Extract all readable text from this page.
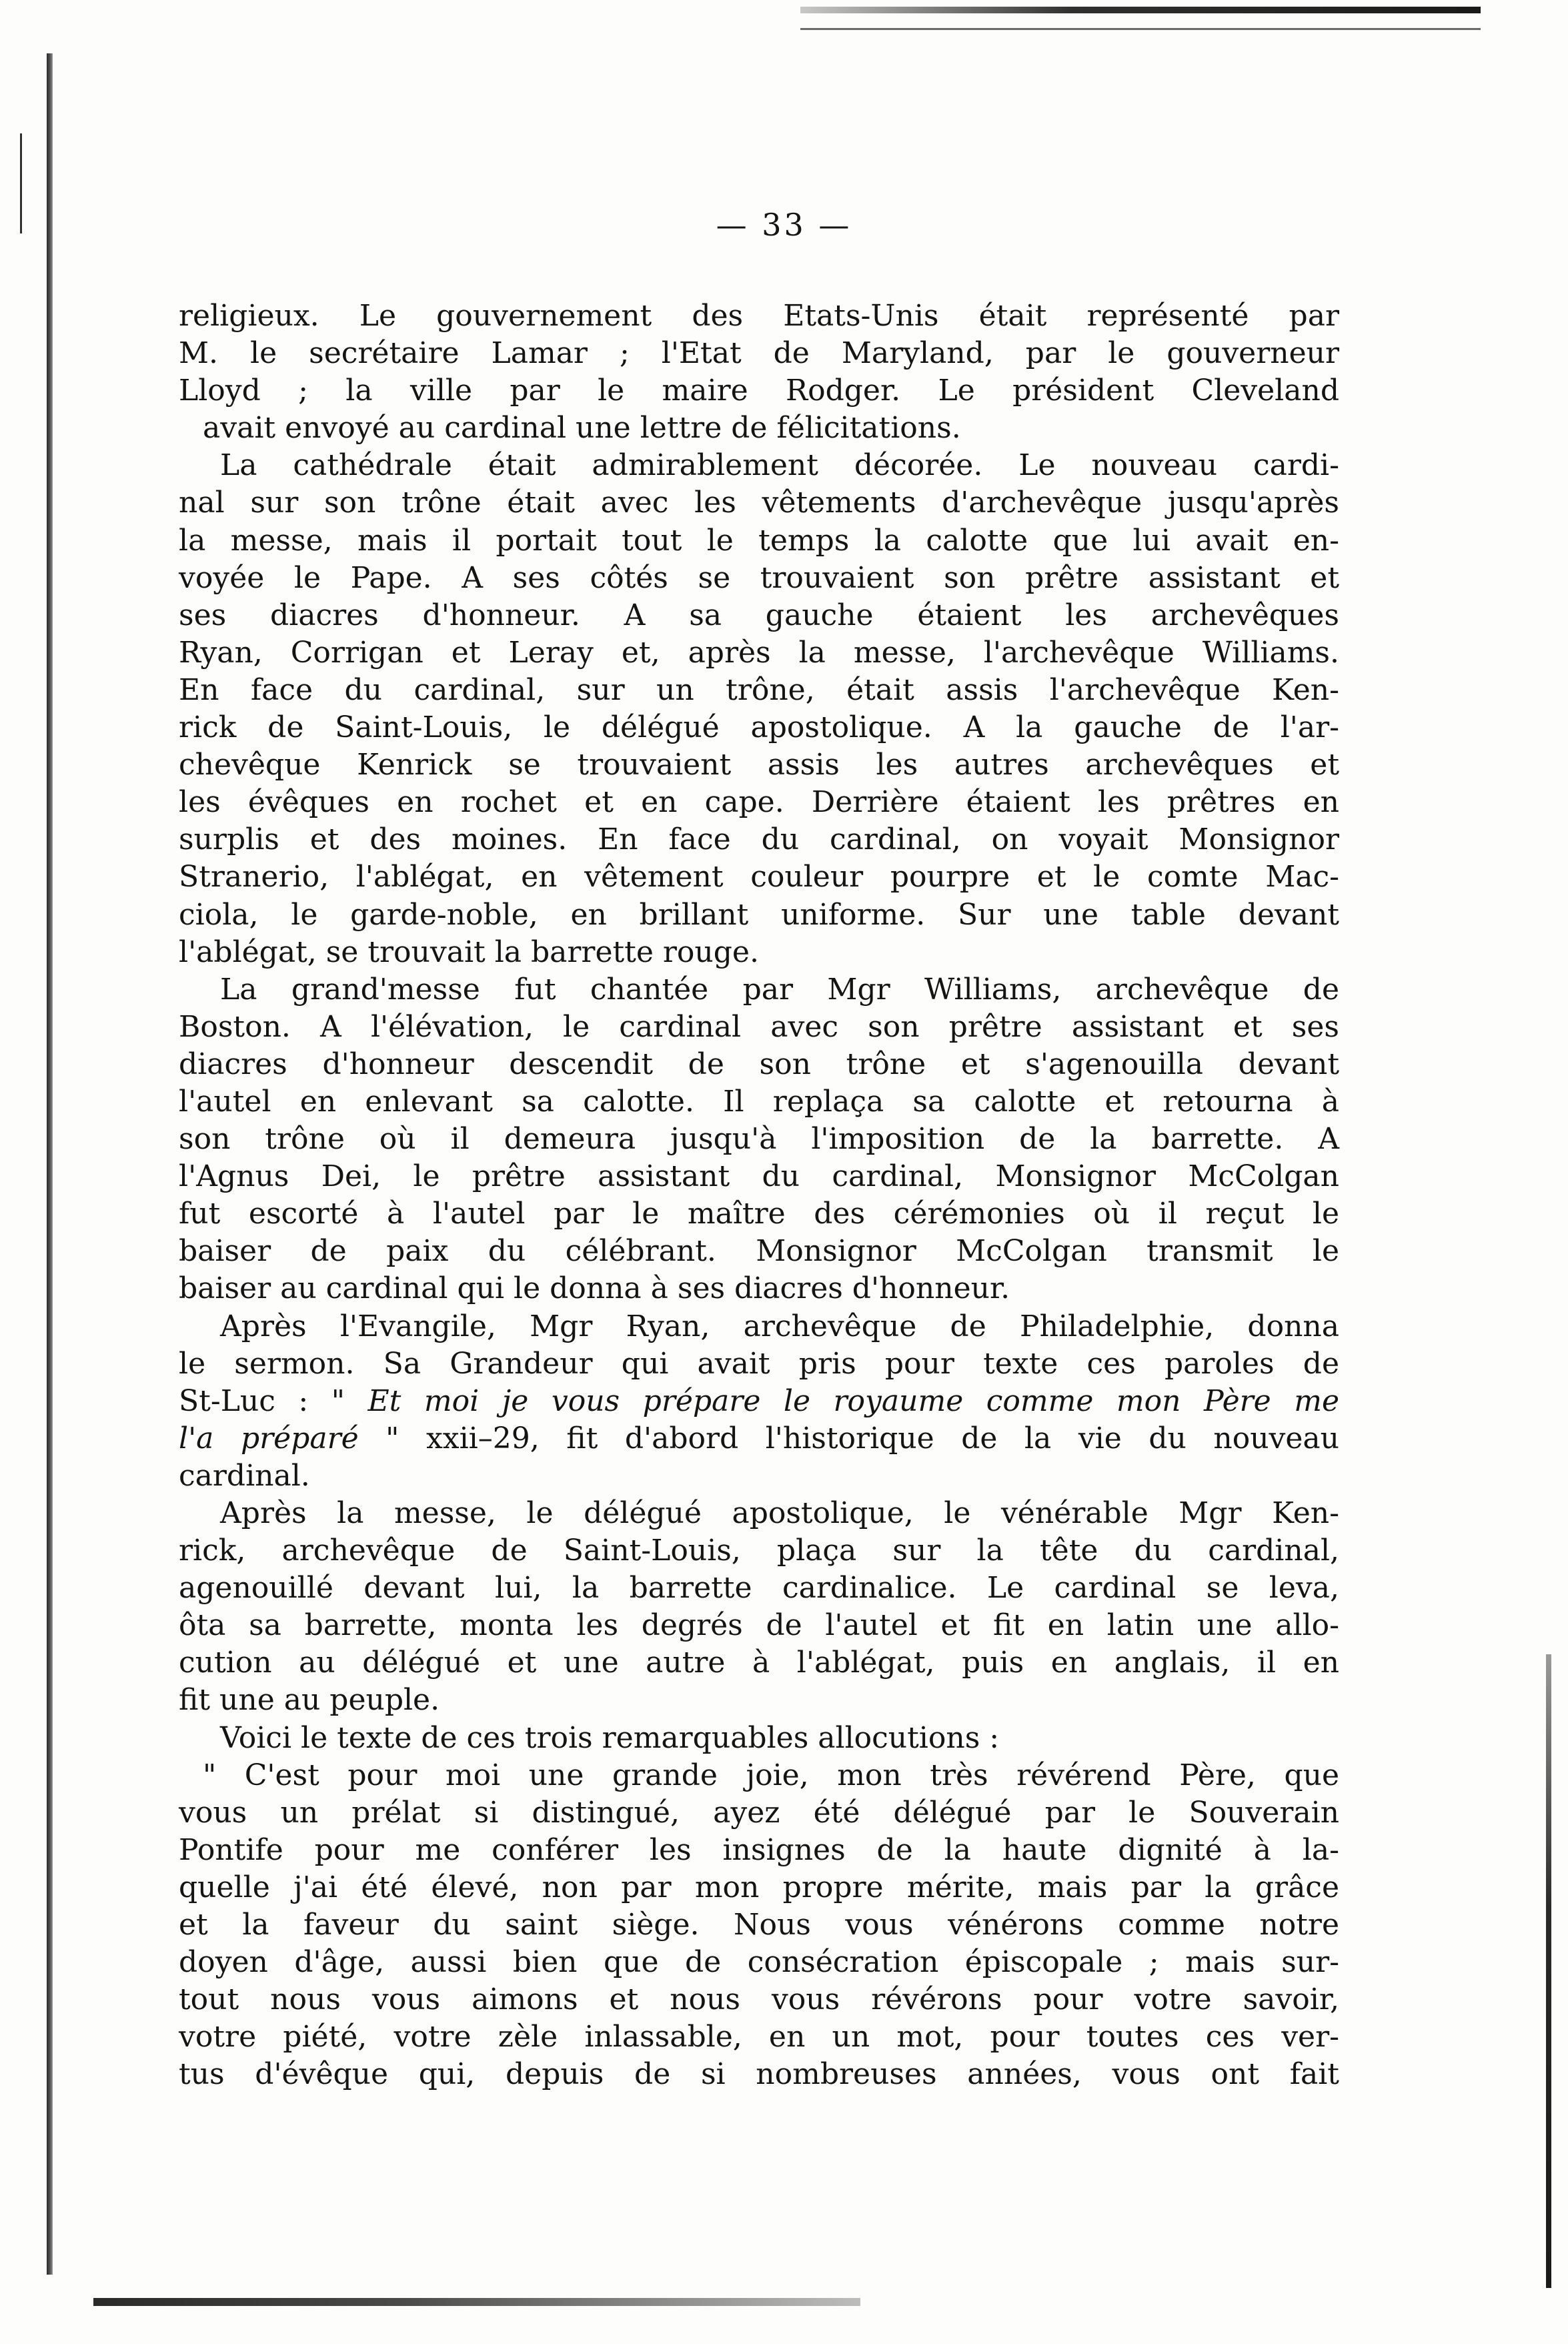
— 33 —
religieux. Le gouvernement des Etats-Unis était représenté par
M. le secrétaire Lamar ; l'Etat de Maryland, par le gouverneur
Lloyd ; la ville par le maire Rodger. Le président Cleveland
avait envoyé au cardinal une lettre de félicitations.
La cathédrale était admirablement décorée. Le nouveau cardi-
nal sur son trône était avec les vêtements d'archevêque jusqu'après
la messe, mais il portait tout le temps la calotte que lui avait en-
voyée le Pape. A ses côtés se trouvaient son prêtre assistant et
ses diacres d'honneur. A sa gauche étaient les archevêques
Ryan, Corrigan et Leray et, après la messe, l'archevêque Williams.
En face du cardinal, sur un trône, était assis l'archevêque Ken-
rick de Saint-Louis, le délégué apostolique. A la gauche de l'ar-
chevêque Kenrick se trouvaient assis les autres archevêques et
les évêques en rochet et en cape. Derrière étaient les prêtres en
surplis et des moines. En face du cardinal, on voyait Monsignor
Stranerio, l'ablégat, en vêtement couleur pourpre et le comte Mac-
ciola, le garde-noble, en brillant uniforme. Sur une table devant
l'ablégat, se trouvait la barrette rouge.
La grand'messe fut chantée par Mgr Williams, archevêque de
Boston. A l'élévation, le cardinal avec son prêtre assistant et ses
diacres d'honneur descendit de son trône et s'agenouilla devant
l'autel en enlevant sa calotte. Il replaça sa calotte et retourna à
son trône où il demeura jusqu'à l'imposition de la barrette. A
l'Agnus Dei, le prêtre assistant du cardinal, Monsignor McColgan
fut escorté à l'autel par le maître des cérémonies où il reçut le
baiser de paix du célébrant. Monsignor McColgan transmit le
baiser au cardinal qui le donna à ses diacres d'honneur.
Après l'Evangile, Mgr Ryan, archevêque de Philadelphie, donna
le sermon. Sa Grandeur qui avait pris pour texte ces paroles de
St-Luc : " Et moi je vous prépare le royaume comme mon Père me
l'a préparé " xxii–29, fit d'abord l'historique de la vie du nouveau
cardinal.
Après la messe, le délégué apostolique, le vénérable Mgr Ken-
rick, archevêque de Saint-Louis, plaça sur la tête du cardinal,
agenouillé devant lui, la barrette cardinalice. Le cardinal se leva,
ôta sa barrette, monta les degrés de l'autel et fit en latin une allo-
cution au délégué et une autre à l'ablégat, puis en anglais, il en
fit une au peuple.
Voici le texte de ces trois remarquables allocutions :
" C'est pour moi une grande joie, mon très révérend Père, que
vous un prélat si distingué, ayez été délégué par le Souverain
Pontife pour me conférer les insignes de la haute dignité à la-
quelle j'ai été élevé, non par mon propre mérite, mais par la grâce
et la faveur du saint siège. Nous vous vénérons comme notre
doyen d'âge, aussi bien que de consécration épiscopale ; mais sur-
tout nous vous aimons et nous vous révérons pour votre savoir,
votre piété, votre zèle inlassable, en un mot, pour toutes ces ver-
tus d'évêque qui, depuis de si nombreuses années, vous ont fait
